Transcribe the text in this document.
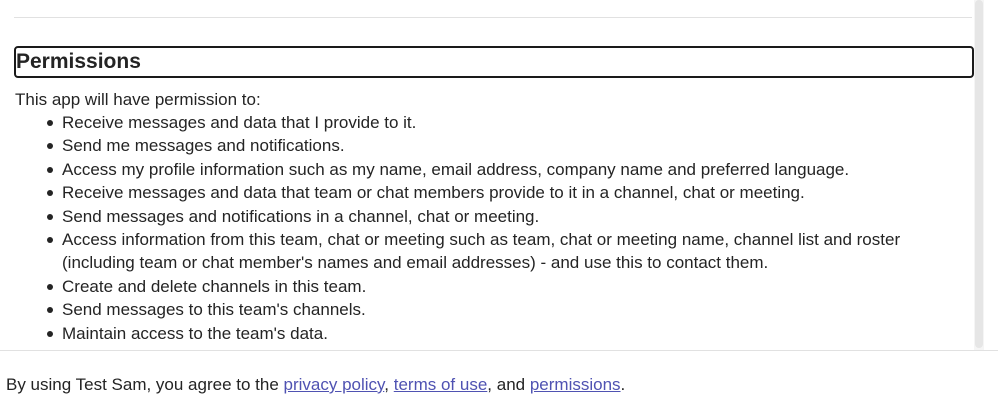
Permissions
This app will have permission to:
Receive messages and data that I provide to it.
Send me messages and notifications.
Access my profile information such as my name, email address, company name and preferred language.
Receive messages and data that team or chat members provide to it in a channel, chat or meeting.
Send messages and notifications in a channel, chat or meeting.
Access information from this team, chat or meeting such as team, chat or meeting name, channel list and roster (including team or chat member's names and email addresses) - and use this to contact them.
Create and delete channels in this team.
Send messages to this team's channels.
Maintain access to the team's data.
By using Test Sam, you agree to the privacy policy, terms of use, and permissions.
